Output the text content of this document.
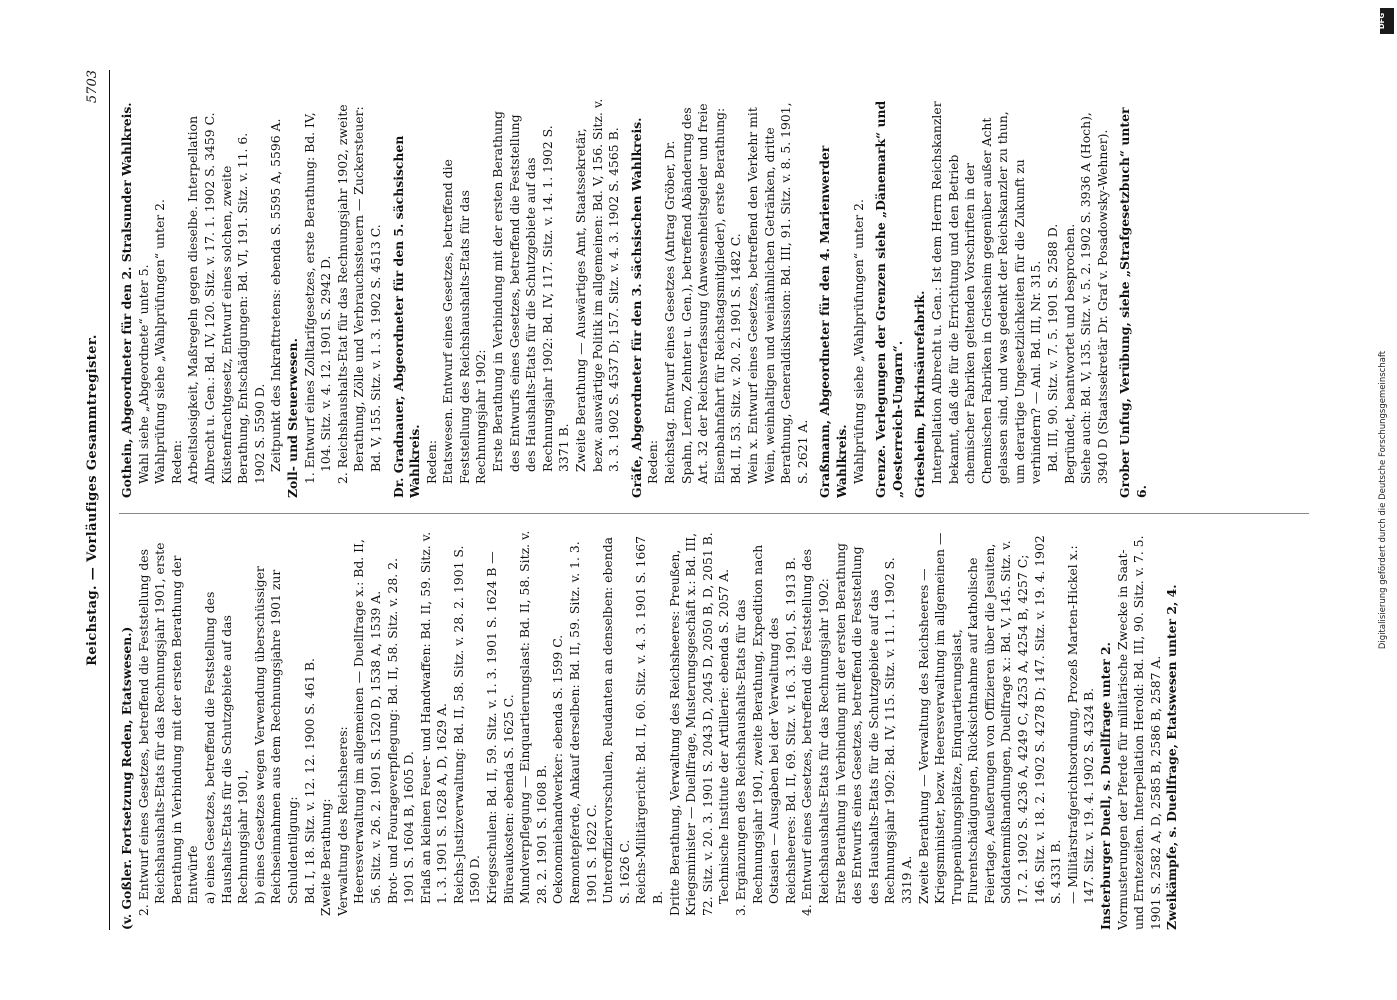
Reichstag. — Vorläufiges Gesammtregister.
5703

(v. Goßler. Fortsetzung Reden, Etatswesen.) 2. Entwurf eines Gesetzes, betreffend die Feststellung des Reichshaushalts-Etats für das Rechnungsjahr 1901, erste Berathung in Verbindung mit der ersten Berathung der Entwürfe a) eines Gesetzes, betreffend die Feststellung des Haushalts-Etats für die Schutzgebiete auf das Rechnungsjahr 1901, b) eines Gesetzes wegen Verwendung überschüssiger Reichseinnahmen aus dem Rechnungsjahre 1901 zur Schuldentilgung: Bd. I, 18. Sitz. v. 12. 12. 1900 S. 461 B. Zweite Berathung: Verwaltung des Reichsheeres: Heeresverwaltung im allgemeinen — Duellfrage x.: Bd. II, 56. Sitz. v. 26. 2. 1901 S. 1520 D, 1538 A, 1539 A. Brot- und Fourageverpflegung: Bd. II, 58. Sitz. v. 28. 2. 1901 S. 1604 B, 1605 D. Erlaß an kleinen Feuer- und Handwaffen: Bd. II, 59. Sitz. v. 1. 3. 1901 S. 1628 A, D, 1629 A. Reichs-Justizverwaltung: Bd. II, 58. Sitz. v. 28. 2. 1901 S. 1590 D. Kriegsschulen: Bd. II, 59. Sitz. v. 1. 3. 1901 S. 1624 B — Büreaukosten: ebenda S. 1625 C. Mundverpflegung — Einquartierungslast: Bd. II, 58. Sitz. v. 28. 2. 1901 S. 1608 B. Oekonomiehandwerker: ebenda S. 1599 C. Remontepferde, Ankauf derselben: Bd. II, 59. Sitz. v. 1. 3. 1901 S. 1622 C. Unteroffiziervorschulen, Reudanten an denselben: ebenda S. 1626 C. Reichs-Militärgericht: Bd. II, 60. Sitz. v. 4. 3. 1901 S. 1667 B. Dritte Berathung, Verwaltung des Reichsheeres: Preußen, Kriegsminister — Duellfrage, Musterungsgeschäft x.: Bd. III, 72. Sitz. v. 20. 3. 1901 S. 2043 D, 2045 D, 2050 B, D, 2051 B. Technische Institute der Artillerie: ebenda S. 2057 A. 3. Ergänzungen des Reichshaushalts-Etats für das Rechnungsjahr 1901, zweite Berathung, Expedition nach Ostasien — Ausgaben bei der Verwaltung des Reichsheeres: Bd. II, 69. Sitz. v. 16. 3. 1901, S. 1913 B. 4. Entwurf eines Gesetzes, betreffend die Feststellung des Reichshaushalts-Etats für das Rechnungsjahr 1902: Erste Berathung in Verbindung mit der ersten Berathung des Entwurfs eines Gesetzes, betreffend die Feststellung des Haushalts-Etats für die Schutzgebiete auf das Rechnungsjahr 1902: Bd. IV, 115. Sitz. v. 11. 1. 1902 S. 3319 A. Zweite Berathung — Verwaltung des Reichsheeres — Kriegsminister, bezw. Heeresverwaltung im allgemeinen — Truppenübungsplätze, Einquartierungslast, Flurentschädigungen, Rücksichtnahme auf katholische Feiertage, Aeußerungen von Offizieren über die Jesuiten, Soldatenmißhandlungen, Duellfrage x.: Bd. V, 145. Sitz. v. 17. 2. 1902 S. 4236 A, 4249 C, 4253 A, 4254 B, 4257 C; 146. Sitz. v. 18. 2. 1902 S. 4278 D; 147. Sitz. v. 19. 4. 1902 S. 4331 B. — Militärstrafgerichtsordnung, Prozeß Marten-Hickel x.: 147. Sitz. v. 19. 4. 1902 S. 4324 B. Insterburger Duell, s. Duellfrage unter 2. Vormusterungen der Pferde für militärische Zwecke in Saat- und Erntezeiten. Interpellation Herold: Bd. III, 90. Sitz. v. 7. 5. 1901 S. 2582 A, D, 2585 B, 2586 B, 2587 A. Zweikämpfe, s. Duellfrage, Etatswesen unter 2, 4.

Gothein, Abgeordneter für den 2. Stralsunder Wahlkreis. Wahl siehe „Abgeordnete“ unter 5. Wahlprüfung siehe „Wahlprüfungen“ unter 2. Reden: Arbeitslosigkeit, Maßregeln gegen dieselbe. Interpellation Albrecht u. Gen.: Bd. IV, 120. Sitz. v. 17. 1. 1902 S. 3459 C. Küstenfrachtgesetz, Entwurf eines solchen, zweite Berathung, Entschädigungen: Bd. VI, 191. Sitz. v. 11. 6. 1902 S. 5590 D. Zeitpunkt des Inkrafttretens: ebenda S. 5595 A, 5596 A. Zoll- und Steuerwesen. 1. Entwurf eines Zolltarifgesetzes, erste Berathung: Bd. IV, 104. Sitz. v. 4. 12. 1901 S. 2942 D. 2. Reichshaushalts-Etat für das Rechnungsjahr 1902, zweite Berathung, Zölle und Verbrauchssteuern — Zuckersteuer: Bd. V, 155. Sitz. v. 1. 3. 1902 S. 4513 C. Dr. Gradnauer, Abgeordneter für den 5. sächsischen Wahlkreis. Reden: Etatswesen. Entwurf eines Gesetzes, betreffend die Feststellung des Reichshaushalts-Etats für das Rechnungsjahr 1902: Erste Berathung in Verbindung mit der ersten Berathung des Entwurfs eines Gesetzes, betreffend die Feststellung des Haushalts-Etats für die Schutzgebiete auf das Rechnungsjahr 1902: Bd. IV, 117. Sitz. v. 14. 1. 1902 S. 3371 B. Zweite Berathung — Auswärtiges Amt, Staatssekretär, bezw. auswärtige Politik im allgemeinen: Bd. V, 156. Sitz. v. 3. 3. 1902 S. 4537 D; 157. Sitz. v. 4. 3. 1902 S. 4565 B. Gräfe, Abgeordneter für den 3. sächsischen Wahlkreis. Reden: Reichstag. Entwurf eines Gesetzes (Antrag Gröber, Dr. Spahn, Lerno, Zehnter u. Gen.), betreffend Abänderung des Art. 32 der Reichsverfassung (Anwesenheitsgelder und freie Eisenbahnfahrt für Reichstagsmitglieder), erste Berathung: Bd. II, 53. Sitz. v. 20. 2. 1901 S. 1482 C. Wein x. Entwurf eines Gesetzes, betreffend den Verkehr mit Wein, weinhaltigen und weinähnlichen Getränken, dritte Berathung, Generaldiskussion: Bd. III, 91. Sitz. v. 8. 5. 1901, S. 2621 A. Graßmann, Abgeordneter für den 4. Marienwerder Wahlkreis. Wahlprüfung siehe „Wahlprüfungen“ unter 2. Grenze. Verlegungen der Grenzen siehe „Dänemark“ und „Oesterreich-Ungarn“. Griesheim, Pikrinsäurefabrik. Interpellation Albrecht u. Gen.: Ist dem Herrn Reichskanzler bekannt, daß die für die Errichtung und den Betrieb chemischer Fabriken geltenden Vorschriften in der Chemischen Fabriken in Griesheim gegenüber außer Acht gelassen sind, und was gedenkt der Reichskanzler zu thun, um derartige Ungesetzlichkeiten für die Zukunft zu verhindern? — Anl. Bd. III, Nr. 315. Bd. III, 90. Sitz. v. 7. 5. 1901 S. 2588 D. Begründet, beantwortet und besprochen. Siehe auch: Bd. V, 135. Sitz. v. 5. 2. 1902 S. 3936 A (Hoch), 3940 D (Staatssekretär Dr. Graf v. Posadowsky-Wehner). Grober Unfug, Verübung, siehe „Strafgesetzbuch“ unter 6.

DFG
Digitalisierung gefördert durch die Deutsche Forschungsgemeinschaft
